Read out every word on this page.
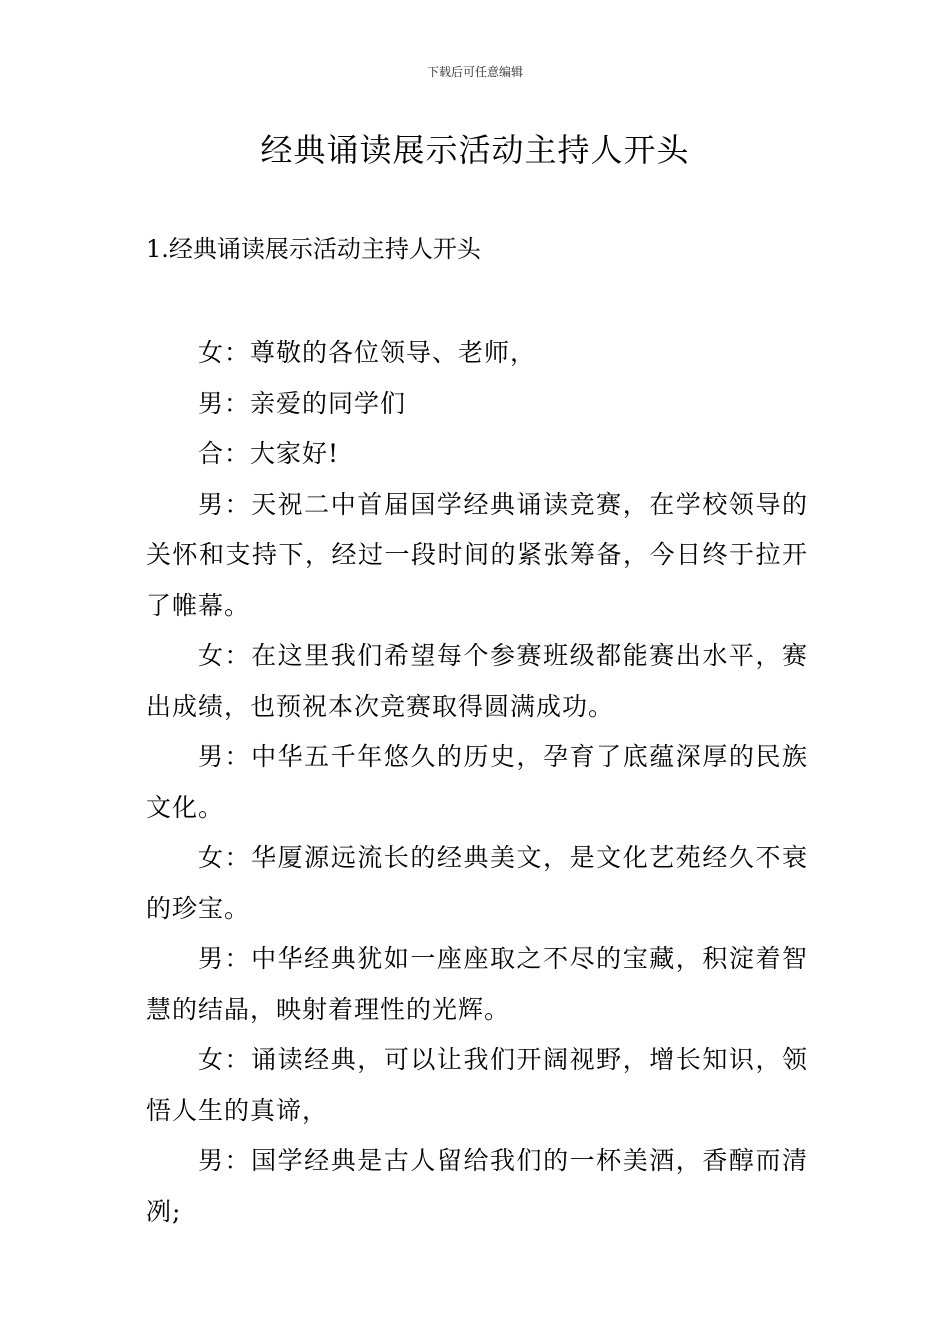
下载后可任意编辑
经典诵读展示活动主持人开头
1.经典诵读展示活动主持人开头

女：尊敬的各位领导、老师，

男：亲爱的同学们

合：大家好!

男：天祝二中首届国学经典诵读竞赛，在学校领导的关怀和支持下，经过一段时间的紧张筹备，今日终于拉开了帷幕。

女：在这里我们希望每个参赛班级都能赛出水平，赛出成绩，也预祝本次竞赛取得圆满成功。

男：中华五千年悠久的历史，孕育了底蕴深厚的民族文化。

女：华厦源远流长的经典美文，是文化艺苑经久不衰的珍宝。

男：中华经典犹如一座座取之不尽的宝藏，积淀着智慧的结晶，映射着理性的光辉。

女：诵读经典，可以让我们开阔视野，增长知识，领悟人生的真谛，

男：国学经典是古人留给我们的一杯美酒，香醇而清冽;
